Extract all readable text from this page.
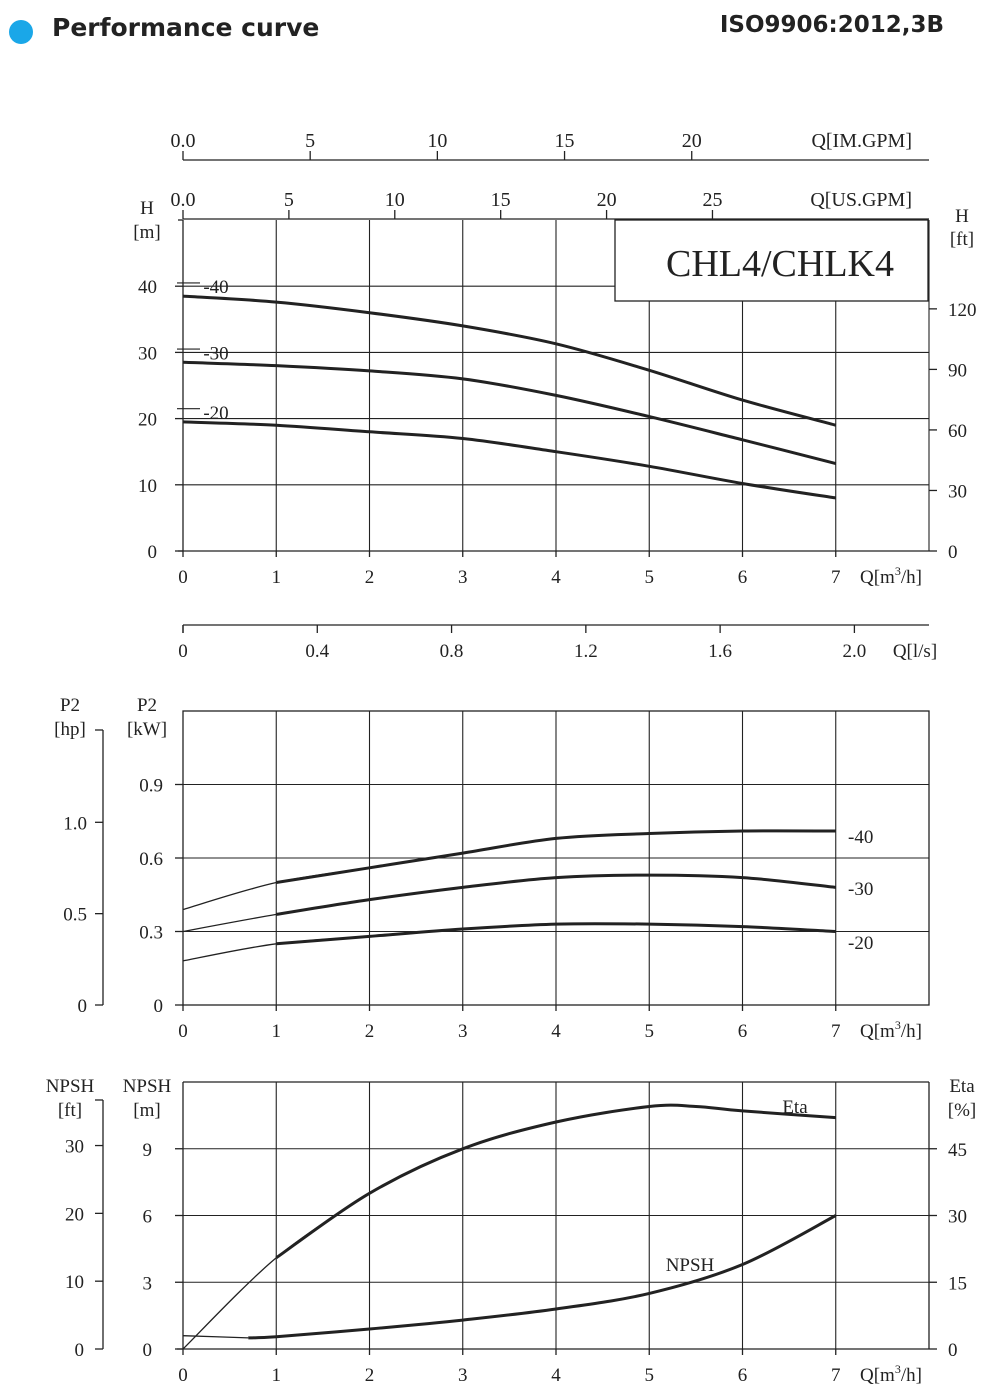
Performance curve	ISO9906:2012,3B
0.0	5	10	15	20	Q[IM.GPM]
0.0	5	10	15	20	25	Q[US.GPM]
0
10
20
30
40
H
[m]
0
30
60
90
120
H
[ft]
0	1	2	3	4	5	6	7 $Q[m^3/h]$
CHL4/CHLK4
-40
-30
-20
0	0.4	0.8	1.2	1.6	2.0 Q[l/s]
0
0.3
0.6
0.9
P2
[kW]
0
0.5
1.0
P2
[hp]
0	1	2	3	4	5	6	7 $Q[m^3/h]$
-40
-30
-20
0
3
6
9
NPSH
[m]
0
10
20
30
NPSH
[ft]
0
15
30
45
Eta
[%]
0	1	2	3	4	5	6	7 $Q[m^3/h]$
Eta
NPSH
